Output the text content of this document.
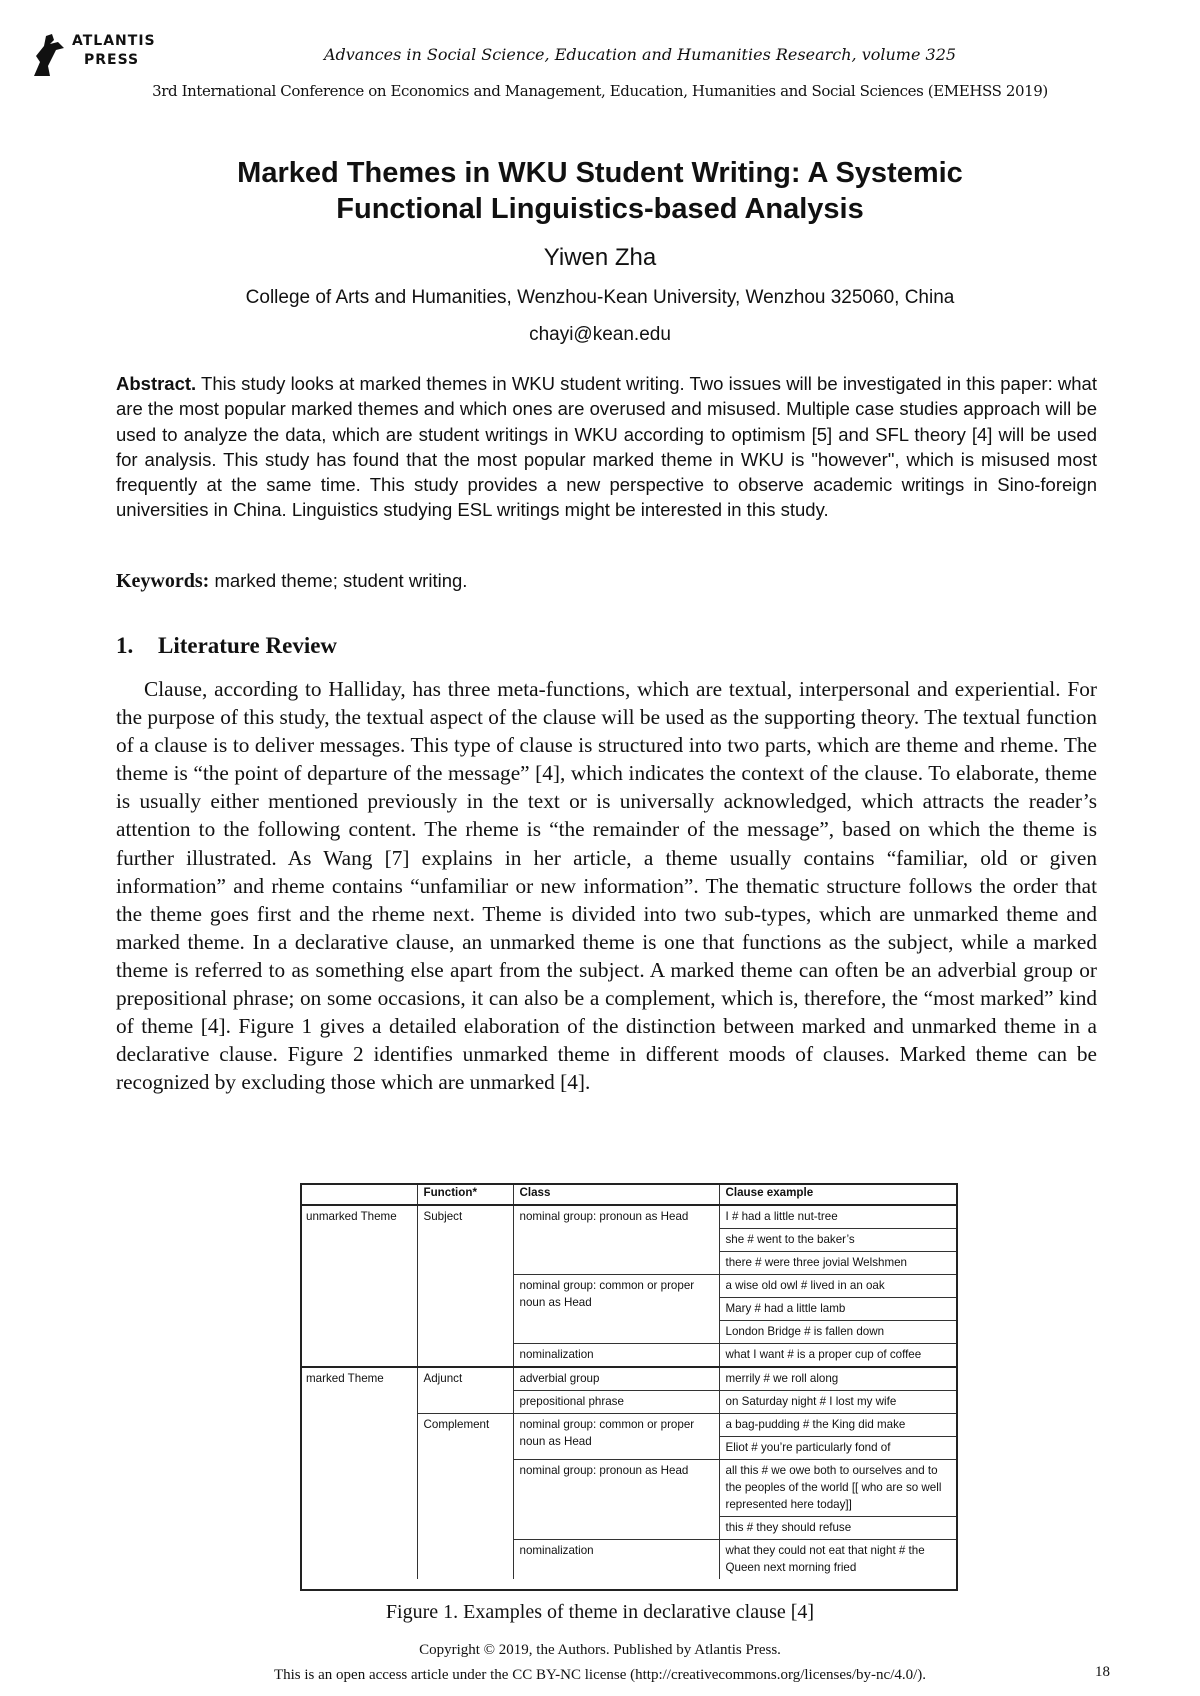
ATLANTIS
PRESS	Advances in Social Science, Education and Humanities Research, volume 325
3rd International Conference on Economics and Management, Education, Humanities and Social Sciences (EMEHSS 2019)
Marked Themes in WKU Student Writing: A Systemic
Functional Linguistics-based Analysis
Yiwen Zha
College of Arts and Humanities, Wenzhou-Kean University, Wenzhou 325060, China
chayi@kean.edu

Abstract. This study looks at marked themes in WKU student writing. Two issues will be investigated in this paper: what are the most popular marked themes and which ones are overused and misused. Multiple case studies approach will be used to analyze the data, which are student writings in WKU according to optimism [5] and SFL theory [4] will be used for analysis. This study has found that the most popular marked theme in WKU is "however", which is misused most frequently at the same time. This study provides a new perspective to observe academic writings in Sino-foreign universities in China. Linguistics studying ESL writings might be interested in this study.

Keywords: marked theme; student writing.
1. Literature Review

Clause, according to Halliday, has three meta-functions, which are textual, interpersonal and experiential. For the purpose of this study, the textual aspect of the clause will be used as the supporting theory. The textual function of a clause is to deliver messages. This type of clause is structured into two parts, which are theme and rheme. The theme is “the point of departure of the message” [4], which indicates the context of the clause. To elaborate, theme is usually either mentioned previously in the text or is universally acknowledged, which attracts the reader’s attention to the following content. The rheme is “the remainder of the message”, based on which the theme is further illustrated. As Wang [7] explains in her article, a theme usually contains “familiar, old or given information” and rheme contains “unfamiliar or new information”. The thematic structure follows the order that the theme goes first and the rheme next. Theme is divided into two sub-types, which are unmarked theme and marked theme. In a declarative clause, an unmarked theme is one that functions as the subject, while a marked theme is referred to as something else apart from the subject. A marked theme can often be an adverbial group or prepositional phrase; on some occasions, it can also be a complement, which is, therefore, the “most marked” kind of theme [4]. Figure 1 gives a detailed elaboration of the distinction between marked and unmarked theme in a declarative clause. Figure 2 identifies unmarked theme in different moods of clauses. Marked theme can be recognized by excluding those which are unmarked [4].

	Function*	Class	Clause example
unmarked Theme	Subject	nominal group: pronoun as Head	I # had a little nut-tree
			she # went to the baker’s
			there # were three jovial Welshmen
		nominal group: common or proper noun as Head	a wise old owl # lived in an oak
			Mary # had a little lamb
			London Bridge # is fallen down
		nominalization	what I want # is a proper cup of coffee
marked Theme	Adjunct	adverbial group	merrily # we roll along
		prepositional phrase	on Saturday night # I lost my wife
	Complement	nominal group: common or proper noun as Head	a bag-pudding # the King did make
			Eliot # you’re particularly fond of
		nominal group: pronoun as Head	all this # we owe both to ourselves and to the peoples of the world [[ who are so well represented here today]]
			this # they should refuse
		nominalization	what they could not eat that night # the Queen next morning fried
Figure 1. Examples of theme in declarative clause [4]
Copyright © 2019, the Authors. Published by Atlantis Press.
This is an open access article under the CC BY-NC license (http://creativecommons.org/licenses/by-nc/4.0/).	18
